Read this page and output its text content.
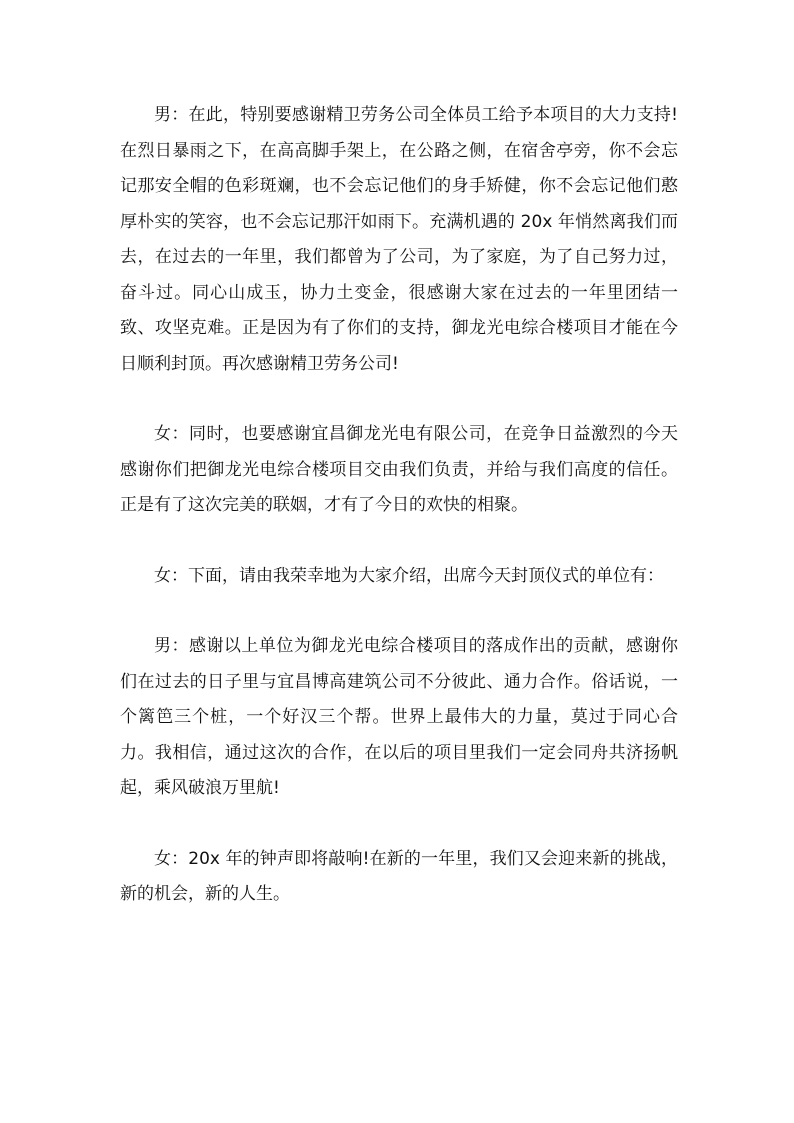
男：在此，特别要感谢精卫劳务公司全体员工给予本项目的大力支持!在烈日暴雨之下，在高高脚手架上，在公路之侧，在宿舍亭旁，你不会忘记那安全帽的色彩斑斓，也不会忘记他们的身手矫健，你不会忘记他们憨厚朴实的笑容，也不会忘记那汗如雨下。充满机遇的 20x 年悄然离我们而去，在过去的一年里，我们都曾为了公司，为了家庭，为了自己努力过，奋斗过。同心山成玉，协力土变金，很感谢大家在过去的一年里团结一致、攻坚克难。正是因为有了你们的支持，御龙光电综合楼项目才能在今日顺利封顶。再次感谢精卫劳务公司!

女：同时，也要感谢宜昌御龙光电有限公司，在竞争日益激烈的今天感谢你们把御龙光电综合楼项目交由我们负责，并给与我们高度的信任。正是有了这次完美的联姻，才有了今日的欢快的相聚。

女：下面，请由我荣幸地为大家介绍，出席今天封顶仪式的单位有：

男：感谢以上单位为御龙光电综合楼项目的落成作出的贡献，感谢你们在过去的日子里与宜昌博高建筑公司不分彼此、通力合作。俗话说，一个篱笆三个桩，一个好汉三个帮。世界上最伟大的力量，莫过于同心合力。我相信，通过这次的合作，在以后的项目里我们一定会同舟共济扬帆起，乘风破浪万里航!

女：20x 年的钟声即将敲响!在新的一年里，我们又会迎来新的挑战，新的机会，新的人生。
